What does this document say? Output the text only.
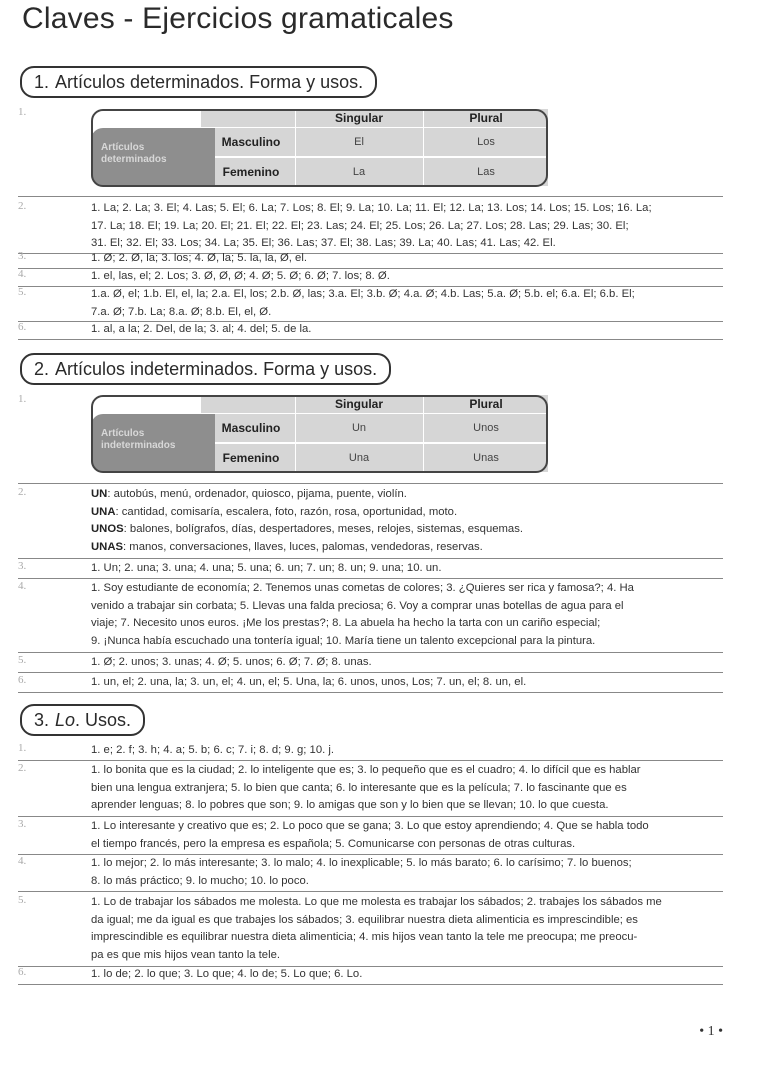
Claves - Ejercicios gramaticales
1. Artículos determinados. Forma y usos.
1.
Artículos
determinados
Singular	Plural
Masculino	El	Los
Femenino	La	Las
2.	1. La; 2. La; 3. El; 4. Las; 5. El; 6. La; 7. Los; 8. El; 9. La; 10. La; 11. El; 12. La; 13. Los; 14. Los; 15. Los; 16. La;
17. La; 18. El; 19. La; 20. El; 21. El; 22. El; 23. Las; 24. El; 25. Los; 26. La; 27. Los; 28. Las; 29. Las; 30. El;
31. El; 32. El; 33. Los; 34. La; 35. El; 36. Las; 37. El; 38. Las; 39. La; 40. Las; 41. Las; 42. El.
3.	1. Ø; 2. Ø, la; 3. los; 4. Ø, la; 5. la, la, Ø, el.
4.	1. el, las, el; 2. Los; 3. Ø, Ø, Ø; 4. Ø; 5. Ø; 6. Ø; 7. los; 8. Ø.
5.	1.a. Ø, el; 1.b. El, el, la; 2.a. El, los; 2.b. Ø, las; 3.a. El; 3.b. Ø; 4.a. Ø; 4.b. Las; 5.a. Ø; 5.b. el; 6.a. El; 6.b. El;
7.a. Ø; 7.b. La; 8.a. Ø; 8.b. El, el, Ø.
6.	1. al, a la; 2. Del, de la; 3. al; 4. del; 5. de la.
2. Artículos indeterminados. Forma y usos.
1.
Artículos
indeterminados
Singular	Plural
Masculino	Un	Unos
Femenino	Una	Unas
2.	UN: autobús, menú, ordenador, quiosco, pijama, puente, violín.
UNA: cantidad, comisaría, escalera, foto, razón, rosa, oportunidad, moto.
UNOS: balones, bolígrafos, días, despertadores, meses, relojes, sistemas, esquemas.
UNAS: manos, conversaciones, llaves, luces, palomas, vendedoras, reservas.
3.	1. Un; 2. una; 3. una; 4. una; 5. una; 6. un; 7. un; 8. un; 9. una; 10. un.
4.	1. Soy estudiante de economía; 2. Tenemos unas cometas de colores; 3. ¿Quieres ser rica y famosa?; 4. Ha
venido a trabajar sin corbata; 5. Llevas una falda preciosa; 6. Voy a comprar unas botellas de agua para el
viaje; 7. Necesito unos euros. ¡Me los prestas?; 8. La abuela ha hecho la tarta con un cariño especial;
9. ¡Nunca había escuchado una tontería igual; 10. María tiene un talento excepcional para la pintura.
5.	1. Ø; 2. unos; 3. unas; 4. Ø; 5. unos; 6. Ø; 7. Ø; 8. unas.
6.	1. un, el; 2. una, la; 3. un, el; 4. un, el; 5. Una, la; 6. unos, unos, Los; 7. un, el; 8. un, el.
3. Lo. Usos.
1.	1. e; 2. f; 3. h; 4. a; 5. b; 6. c; 7. i; 8. d; 9. g; 10. j.
2.	1. lo bonita que es la ciudad; 2. lo inteligente que es; 3. lo pequeño que es el cuadro; 4. lo difícil que es hablar
bien una lengua extranjera; 5. lo bien que canta; 6. lo interesante que es la película; 7. lo fascinante que es
aprender lenguas; 8. lo pobres que son; 9. lo amigas que son y lo bien que se llevan; 10. lo que cuesta.
3.	1. Lo interesante y creativo que es; 2. Lo poco que se gana; 3. Lo que estoy aprendiendo; 4. Que se habla todo
el tiempo francés, pero la empresa es española; 5. Comunicarse con personas de otras culturas.
4.	1. lo mejor; 2. lo más interesante; 3. lo malo; 4. lo inexplicable; 5. lo más barato; 6. lo carísimo; 7. lo buenos;
8. lo más práctico; 9. lo mucho; 10. lo poco.
5.	1. Lo de trabajar los sábados me molesta. Lo que me molesta es trabajar los sábados; 2. trabajes los sábados me
da igual; me da igual es que trabajes los sábados; 3. equilibrar nuestra dieta alimenticia es imprescindible; es
imprescindible es equilibrar nuestra dieta alimenticia; 4. mis hijos vean tanto la tele me preocupa; me preocu-
pa es que mis hijos vean tanto la tele.
6.	1. lo de; 2. lo que; 3. Lo que; 4. lo de; 5. Lo que; 6. Lo.
• 1 •
